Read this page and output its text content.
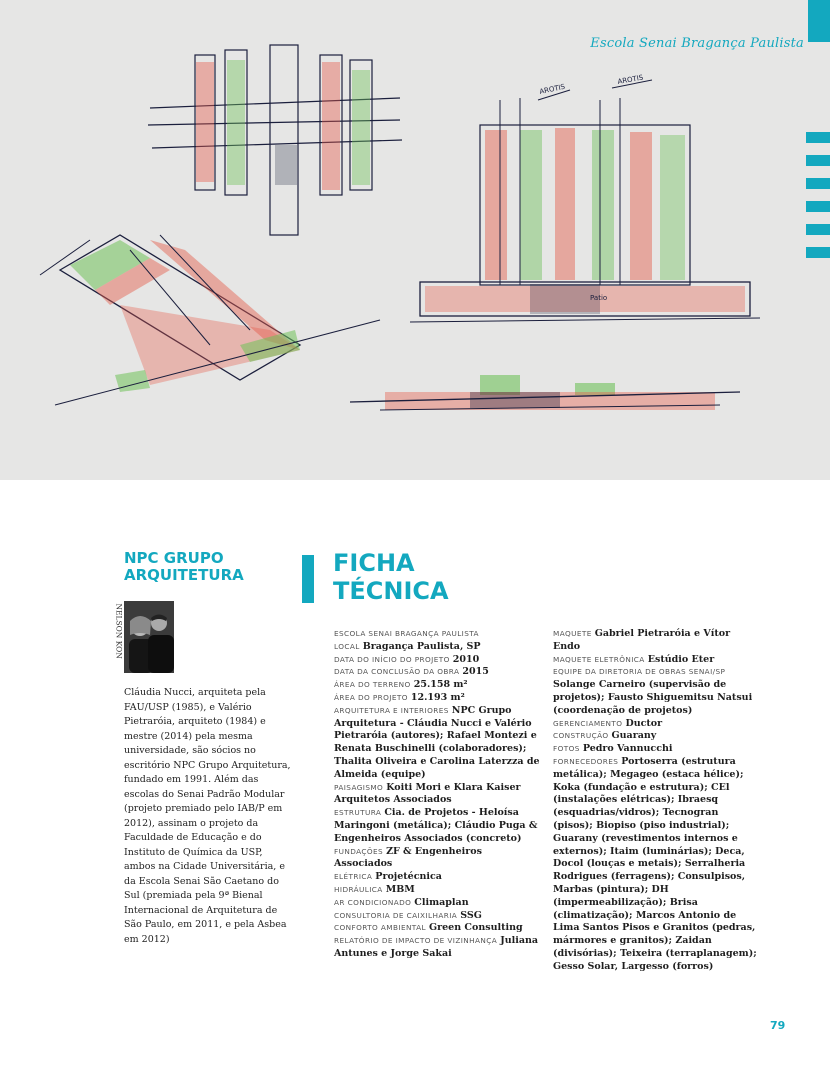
AROTIS
AROTIS
Patio
Escola Senai Bragança Paulista
NPC GRUPO
ARQUITETURA
NELSON KON

Cláudia Nucci, arquiteta pela FAU/USP (1985), e Valério Pietraróia, arquiteto (1984) e mestre (2014) pela mesma universidade, são sócios no escritório NPC Grupo Arquitetura, fundado em 1991. Além das escolas do Senai Padrão Modular (projeto premiado pelo IAB/P em 2012), assinam o projeto da Faculdade de Educação e do Instituto de Química da USP, ambos na Cidade Universitária, e da Escola Senai São Caetano do Sul (premiada pela 9ª Bienal Internacional de Arquitetura de São Paulo, em 2011, e pela Asbea em 2012)

FICHA
TÉCNICA

ESCOLA SENAI BRAGANÇA PAULISTA

LOCAL Bragança Paulista, SP

DATA DO INÍCIO DO PROJETO 2010

DATA DA CONCLUSÃO DA OBRA 2015

ÁREA DO TERRENO 25.158 m²

ÁREA DO PROJETO 12.193 m²

ARQUITETURA E INTERIORES NPC Grupo Arquitetura - Cláudia Nucci e Valério Pietraróia (autores); Rafael Montezi e Renata Buschinelli (colaboradores); Thalita Oliveira e Carolina Laterzza de Almeida (equipe)

PAISAGISMO Koiti Mori e Klara Kaiser Arquitetos Associados

ESTRUTURA Cia. de Projetos - Heloísa Maringoni (metálica); Cláudio Puga & Engenheiros Associados (concreto)

FUNDAÇÕES ZF & Engenheiros Associados

ELÉTRICA Projetécnica

HIDRÁULICA MBM

AR CONDICIONADO Climaplan

CONSULTORIA DE CAIXILHARIA SSG

CONFORTO AMBIENTAL Green Consulting

RELATÓRIO DE IMPACTO DE VIZINHANÇA Juliana Antunes e Jorge Sakai

MAQUETE Gabriel Pietraróia e Vítor Endo

MAQUETE ELETRÔNICA Estúdio Eter

EQUIPE DA DIRETORIA DE OBRAS SENAI/SP Solange Carneiro (supervisão de projetos); Fausto Shiguemitsu Natsui (coordenação de projetos)

GERENCIAMENTO Ductor

CONSTRUÇÃO Guarany

FOTOS Pedro Vannucchi

FORNECEDORES Portoserra (estrutura metálica); Megageo (estaca hélice); Koka (fundação e estrutura); CEl (instalações elétricas); Ibraesq (esquadrias/vidros); Tecnogran (pisos); Biopiso (piso industrial); Guarany (revestimentos internos e externos); Itaim (luminárias); Deca, Docol (louças e metais); Serralheria Rodrigues (ferragens); Consulpisos, Marbas (pintura); DH (impermeabilização); Brisa (climatização); Marcos Antonio de Lima Santos Pisos e Granitos (pedras, mármores e granitos); Zaidan (divisórias); Teixeira (terraplanagem); Gesso Solar, Largesso (forros)

79
